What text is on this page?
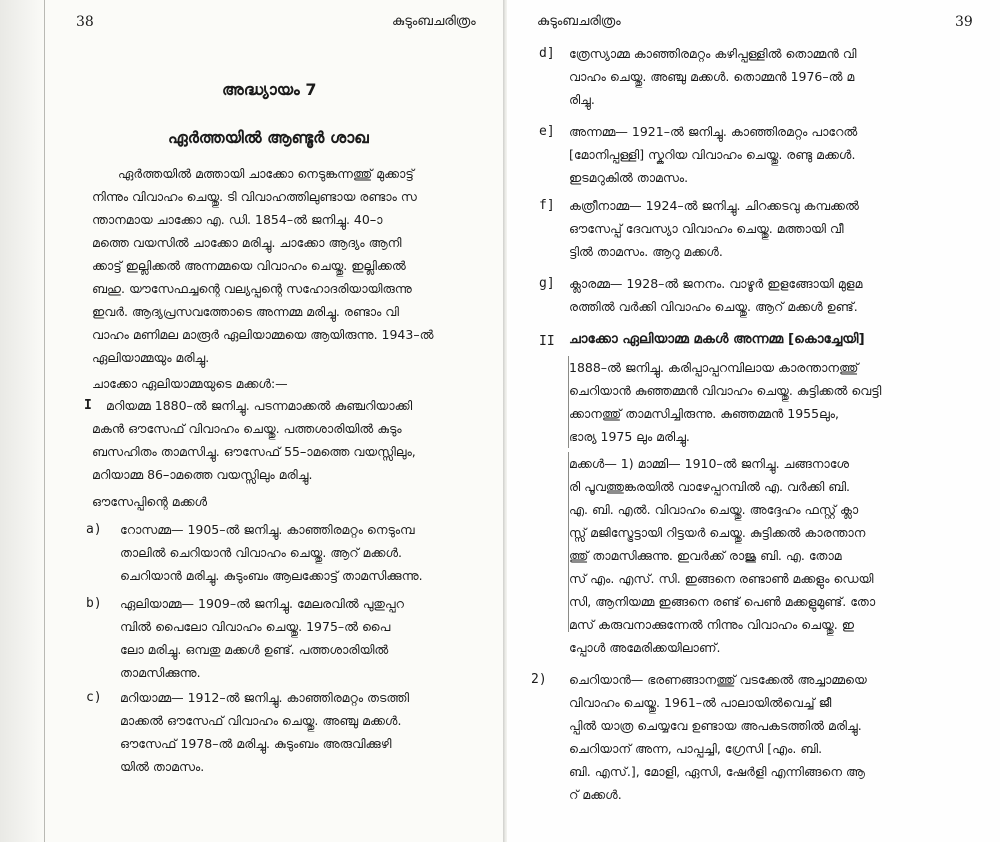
38	കുടുംബചരിത്രം
അദ്ധ്യായം 7
ഏർത്തയിൽ ആണ്ടൂർ ശാഖ
ഏർത്തയിൽ മത്തായി ചാക്കോ നെടുങ്കന്നത്തു് മുക്കാട്ട്
നിന്നും വിവാഹം ചെയ്തു. ടി വിവാഹത്തിലുണ്ടായ രണ്ടാം സ
ന്താനമായ ചാക്കോ എ. ഡി. 1854–ൽ ജനിച്ചു. 40–ാ
മത്തെ വയസിൽ ചാക്കോ മരിച്ചു. ചാക്കോ ആദ്യം ആനി
ക്കാട്ട് ഇല്ലിക്കൽ അന്നമ്മയെ വിവാഹം ചെയ്തു. ഇല്ലിക്കൽ
ബഹു. യൗസേഫച്ചന്റെ വല്യപ്പന്റെ സഹോദരിയായിരുന്നു
ഇവർ. ആദ്യപ്രസവത്തോടെ അന്നമ്മ മരിച്ചു. രണ്ടാം വി
വാഹം മണിമല മാരൂർ ഏലിയാമ്മയെ ആയിരുന്നു. 1943–ൽ
ഏലിയാമ്മയും മരിച്ചു.
ചാക്കോ ഏലിയാമ്മയുടെ മക്കൾ:—
I മറിയമ്മ 1880–ൽ ജനിച്ചു. പടന്നമാക്കൽ കുഞ്ചറിയാക്കി
മകൻ ഔസേഫ് വിവാഹം ചെയ്തു. പത്തശാരിയിൽ കുടും
ബസഹിതം താമസിച്ചു. ഔസേഫ് 55–ാമത്തെ വയസ്സിലും,
മറിയാമ്മ 86–ാമത്തെ വയസ്സിലും മരിച്ചു.
ഔസേപ്പിന്റെ മക്കൾ
a) റോസമ്മ— 1905–ൽ ജനിച്ചു. കാഞ്ഞിരമറ്റം നെടുംമ്പ
താലിൽ ചെറിയാൻ വിവാഹം ചെയ്തു. ആറ് മക്കൾ.
ചെറിയാൻ മരിച്ചു. കുടുംബം ആലക്കോട്ട് താമസിക്കുന്നു.
b) ഏലിയാമ്മ— 1909–ൽ ജനിച്ചു. മേലരവിൽ പുതുപ്പറ
മ്പിൽ പൈലോ വിവാഹം ചെയ്തു. 1975–ൽ പൈ
ലോ മരിച്ചു. ഒമ്പതു മക്കൾ ഉണ്ട്. പത്തശാരിയിൽ
താമസിക്കുന്നു.
c) മറിയാമ്മ— 1912–ൽ ജനിച്ചു. കാഞ്ഞിരമറ്റം തടത്തി
മാക്കൽ ഔസേഫ് വിവാഹം ചെയ്തു. അഞ്ചു മക്കൾ.
ഔസേഫ് 1978–ൽ മരിച്ചു. കുടുംബം അരുവിക്കുഴി
യിൽ താമസം.
കുടുംബചരിത്രം	39
d] ത്രേസ്യാമ്മ കാഞ്ഞിരമറ്റം കഴിപ്പള്ളിൽ തൊമ്മൻ വി
വാഹം ചെയ്തു. അഞ്ചു മക്കൾ. തൊമ്മൻ 1976–ൽ മ
രിച്ചു.
e] അന്നമ്മ— 1921–ൽ ജനിച്ചു. കാഞ്ഞിരമറ്റം പാറേൽ
[മോനിപ്പള്ളി] സ്കറിയ വിവാഹം ചെയ്തു. രണ്ടു മക്കൾ.
ഇടമറുകിൽ താമസം.
f] കത്രീനാമ്മ— 1924–ൽ ജനിച്ചു. ചിറക്കടവു കമ്പക്കൽ
ഔസേപ്പ് ദേവസ്യാ വിവാഹം ചെയ്തു. മത്തായി വീ
ട്ടിൽ താമസം. ആറു മക്കൾ.
g] ക്ലാരമ്മ— 1928–ൽ ജനനം. വാഴൂർ ഇളങ്ങോയി മുളമ
രത്തിൽ വർക്കി വിവാഹം ചെയ്തു. ആറ് മക്കൾ ഉണ്ട്.
II ചാക്കോ ഏലിയാമ്മ മകൾ അന്നമ്മ [കൊച്ചേയി]
1888–ൽ ജനിച്ചു. കരിപ്പാപ്പറമ്പിലായ കാരന്താനത്തു്
ചെറിയാൻ കുഞ്ഞമ്മൻ വിവാഹം ചെയ്തു. കുട്ടിക്കൽ വെട്ടി
ക്കാനത്തു് താമസിച്ചിരുന്നു. കുഞ്ഞമ്മൻ 1955ലും,
ഭാര്യ 1975 ലും മരിച്ചു.
മക്കൾ— 1) മാമ്മി— 1910–ൽ ജനിച്ചു. ചങ്ങനാശേ
രി പൂവത്തുങ്കരയിൽ വാഴേപ്പറമ്പിൽ എ. വർക്കി ബി.
എ. ബി. എൽ. വിവാഹം ചെയ്തു. അദ്ദേഹം ഫസ്റ്റ് ക്ലാ
സ്സ് മജിസ്ട്രേട്ടായി റിട്ടയർ ചെയ്തു. കുട്ടിക്കൽ കാരന്താന
ത്തു് താമസിക്കുന്നു. ഇവർക്ക് രാജു ബി. എ. തോമ
സ് എം. എസ്. സി. ഇങ്ങനെ രണ്ടാൺ മക്കളും ഡെയി
സി, ആനിയമ്മ ഇങ്ങനെ രണ്ട് പെൺ മക്കളുമുണ്ട്. തോ
മസ് കരുവനാക്കുന്നേൽ നിന്നും വിവാഹം ചെയ്തു. ഇ
പ്പോൾ അമേരിക്കയിലാണ്.
2) ചെറിയാൻ— ഭരണങ്ങാനത്തു് വടക്കേൽ അച്ചാമ്മയെ
വിവാഹം ചെയ്തു. 1961–ൽ പാലായിൽവെച്ച് ജീ
പ്പിൽ യാത്ര ചെയ്യവേ ഉണ്ടായ അപകടത്തിൽ മരിച്ചു.
ചെറിയാന് അന്ന, പാപ്പച്ചി, ഗ്രേസി [എം. ബി.
ബി. എസ്.], മോളി, ഏസി, ഷേർളി എന്നിങ്ങനെ ആ
റ് മക്കൾ.
